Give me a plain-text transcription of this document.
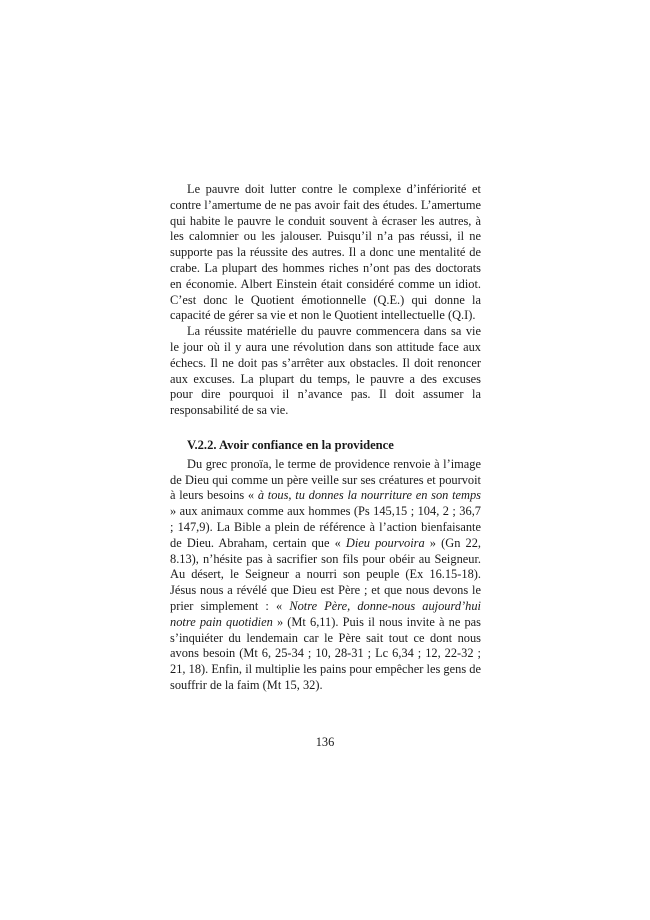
Le pauvre doit lutter contre le complexe d’infériorité et contre l’amertume de ne pas avoir fait des études. L’amertume qui habite le pauvre le conduit souvent à écraser les autres, à les calomnier ou les jalouser. Puisqu’il n’a pas réussi, il ne supporte pas la réussite des autres. Il a donc une mentalité de crabe. La plupart des hommes riches n’ont pas des doctorats en économie. Albert Einstein était considéré comme un idiot. C’est donc le Quotient émotionnelle (Q.E.) qui donne la capacité de gérer sa vie et non le Quotient intellectuelle (Q.I).

La réussite matérielle du pauvre commencera dans sa vie le jour où il y aura une révolution dans son attitude face aux échecs. Il ne doit pas s’arrêter aux obstacles. Il doit renoncer aux excuses. La plupart du temps, le pauvre a des excuses pour dire pourquoi il n’avance pas. Il doit assumer la responsabilité de sa vie.

V.2.2. Avoir confiance en la providence

Du grec pronoïa, le terme de providence renvoie à l’image de Dieu qui comme un père veille sur ses créatures et pourvoit à leurs besoins « à tous, tu donnes la nourriture en son temps » aux animaux comme aux hommes (Ps 145,15 ; 104, 2 ; 36,7 ; 147,9). La Bible a plein de référence à l’action bienfaisante de Dieu. Abraham, certain que « Dieu pourvoira » (Gn 22, 8.13), n’hésite pas à sacrifier son fils pour obéir au Seigneur. Au désert, le Seigneur a nourri son peuple (Ex 16.15-18). Jésus nous a révélé que Dieu est Père ; et que nous devons le prier simplement : « Notre Père, donne-nous aujourd’hui notre pain quotidien » (Mt 6,11). Puis il nous invite à ne pas s’inquiéter du lendemain car le Père sait tout ce dont nous avons besoin (Mt 6, 25-34 ; 10, 28-31 ; Lc 6,34 ; 12, 22-32 ; 21, 18). Enfin, il multiplie les pains pour empêcher les gens de souffrir de la faim (Mt 15, 32).

136
